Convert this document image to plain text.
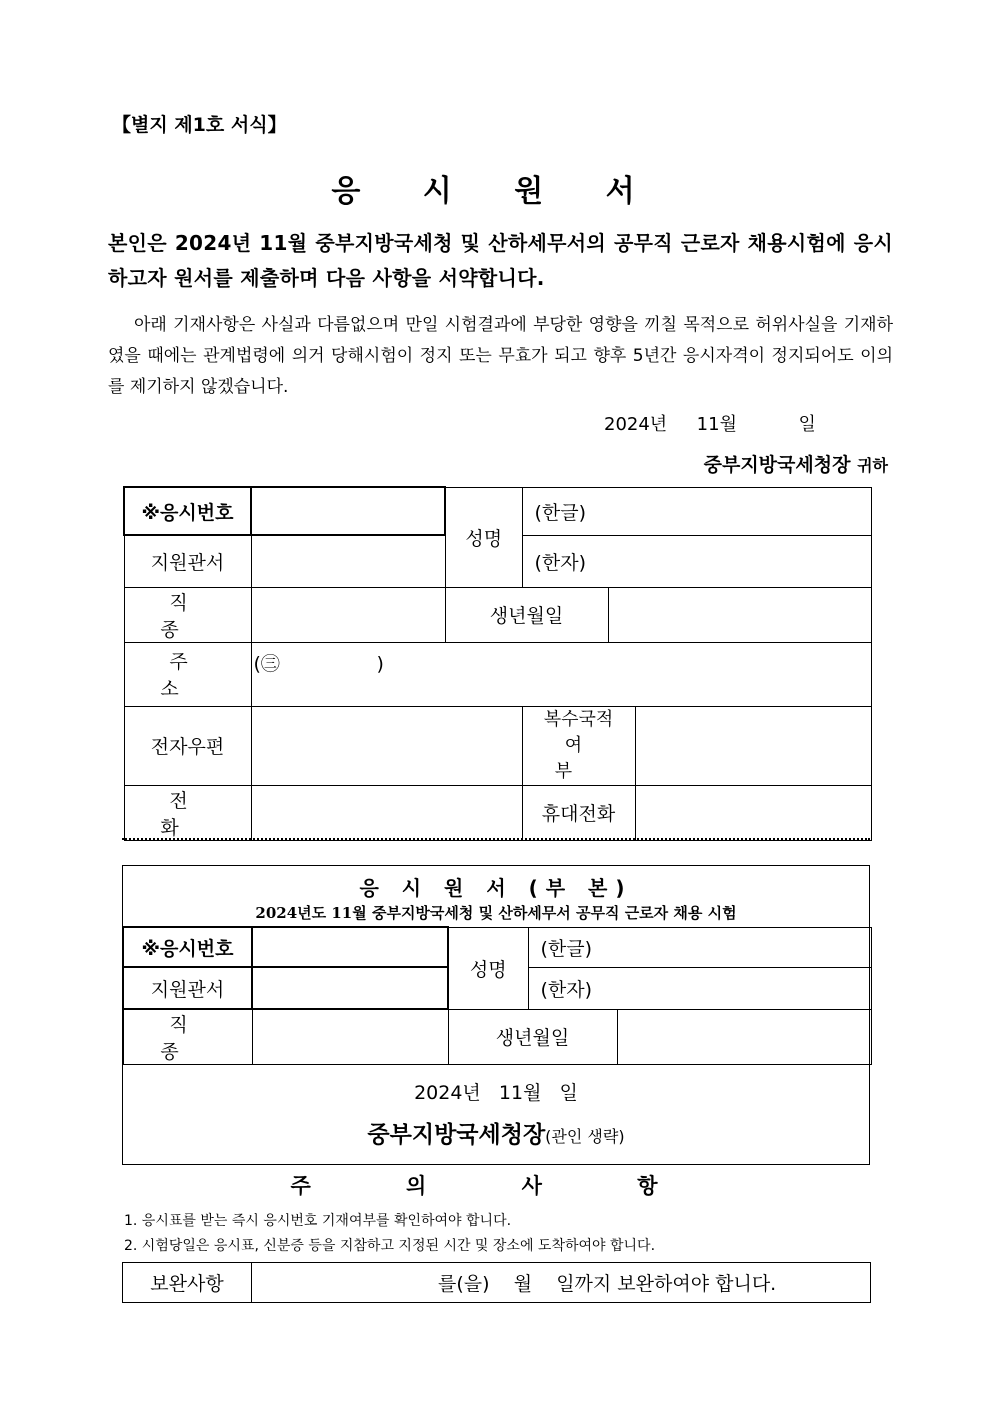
【별지 제1호 서식】
응 시 원 서
본인은 2024년 11월 중부지방국세청 및 산하세무서의 공무직 근로자 채용시험에 응시하고자 원서를 제출하며 다음 사항을 서약합니다.
아래 기재사항은 사실과 다름없으며 만일 시험결과에 부당한 영향을 끼칠 목적으로 허위사실을 기재하였을 때에는 관계법령에 의거 당해시험이 정지 또는 무효가 되고 향후 5년간 응시자격이 정지되어도 이의를 제기하지 않겠습니다.
2024년 11월	일
중부지방국세청장 귀하
※응시번호		성명	(한글)		
지원관서			(한자)		
직 종		생년월일			
주 소	(㊂                )				
전자우편			복수국적
여 부		
전 화			휴대전화		
응 시 원 서 (부 본)
2024년도 11월 중부지방국세청 및 산하세무서 공무직 근로자 채용 시험
2024년   11월   일
중부지방국세청장(관인 생략)
※응시번호		성명	(한글)	
지원관서			(한자)	
직 종		생년월일		
주 의 사 항
1. 응시표를 받는 즉시 응시번호 기재여부를 확인하여야 합니다.
2. 시험당일은 응시표, 신분증 등을 지참하고 지정된 시간 및 장소에 도착하여야 합니다.
보완사항	를(을)    월    일까지 보완하여야 합니다.
